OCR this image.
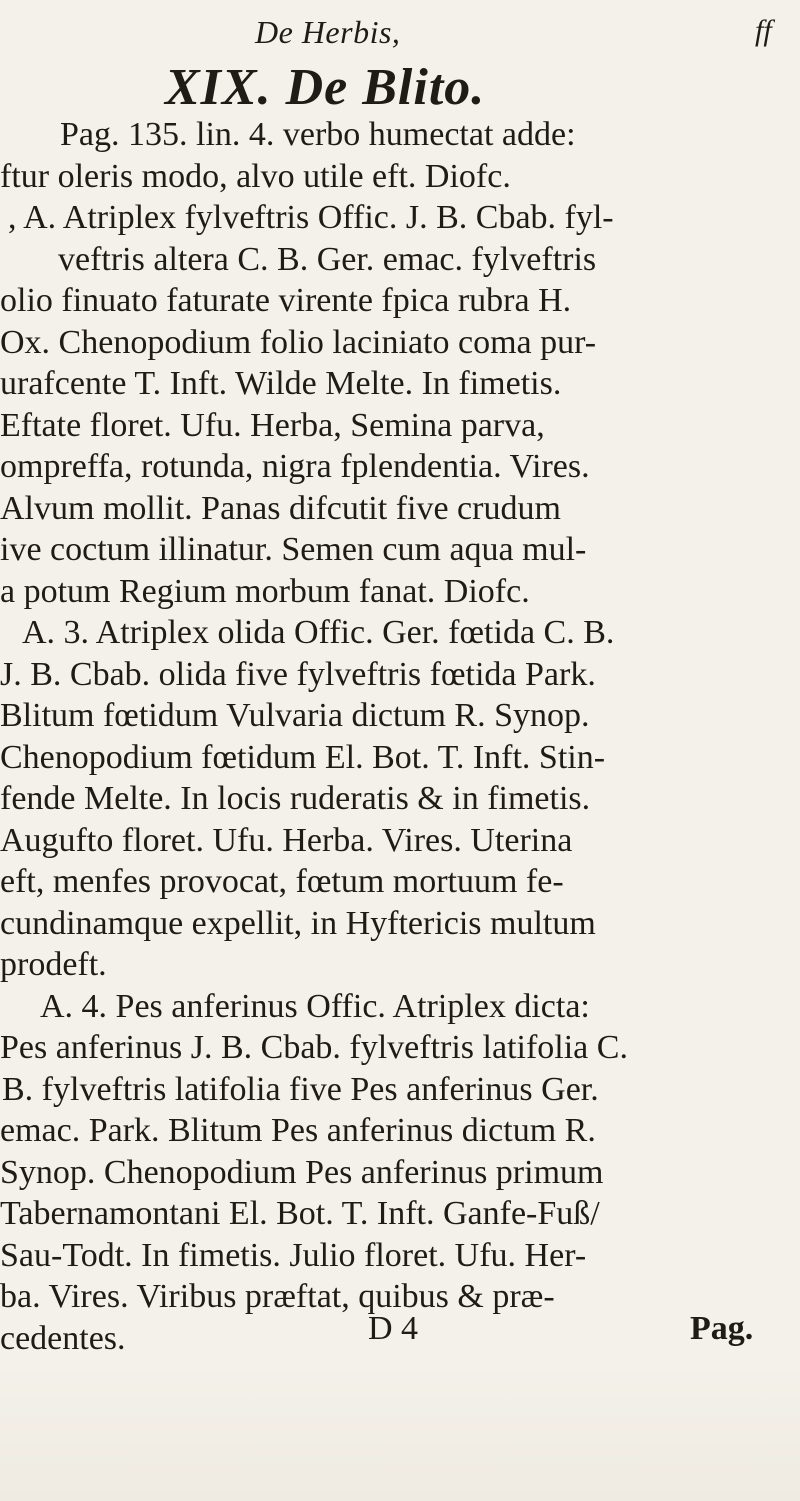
De Herbis,	ff
XIX. De Blito.
Pag. 135. lin. 4. verbo humectat adde:
ftur oleris modo, alvo utile eft. Diofc.
, A. Atriplex fylveftris Offic. J. B. Cbab. fyl-
veftris altera C. B. Ger. emac. fylveftris
olio finuato faturate virente fpica rubra H.
Ox. Chenopodium folio laciniato coma pur-
urafcente T. Inft. Wilde Melte. In fimetis.
Eftate floret. Ufu. Herba, Semina parva,
ompreffa, rotunda, nigra fplendentia. Vires.
Alvum mollit. Panas difcutit five crudum
ive coctum illinatur. Semen cum aqua mul-
a potum Regium morbum fanat. Diofc.
A. 3. Atriplex olida Offic. Ger. fœtida C. B.
J. B. Cbab. olida five fylveftris fœtida Park.
Blitum fœtidum Vulvaria dictum R. Synop.
Chenopodium fœtidum El. Bot. T. Inft. Stin-
fende Melte. In locis ruderatis & in fimetis.
Augufto floret. Ufu. Herba. Vires. Uterina
eft, menfes provocat, fœtum mortuum fe-
cundinamque expellit, in Hyftericis multum
prodeft.
A. 4. Pes anferinus Offic. Atriplex dicta:
Pes anferinus J. B. Cbab. fylveftris latifolia C.
B. fylveftris latifolia five Pes anferinus Ger.
emac. Park. Blitum Pes anferinus dictum R.
Synop. Chenopodium Pes anferinus primum
Tabernamontani El. Bot. T. Inft. Ganfe-Fuß/
Sau-Todt. In fimetis. Julio floret. Ufu. Her-
ba. Vires. Viribus præftat, quibus & præ-
cedentes.	D 4	Pag.
